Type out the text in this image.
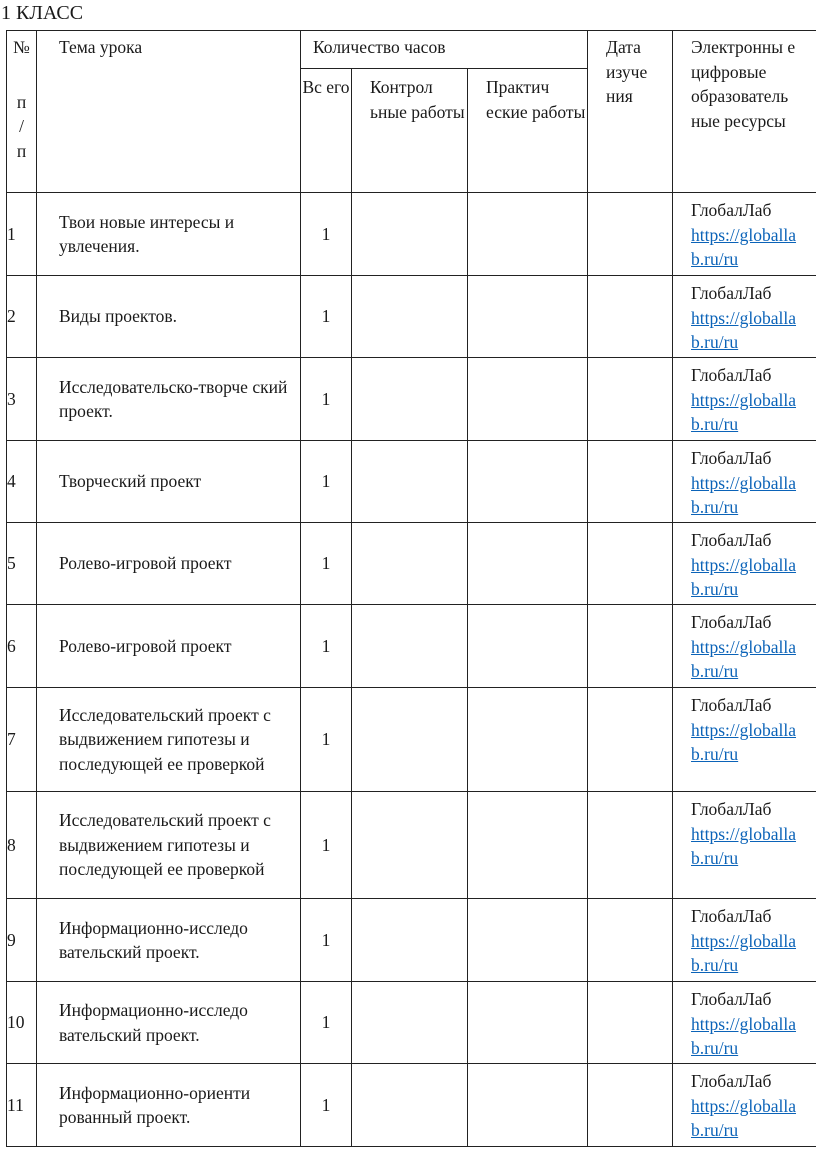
1 КЛАСС
№
п
/
п	Тема урока	Количество часов			Дата изуче ния	Электронны е цифровые образователь ные ресурсы
		Вс его	Контрол ьные работы	Практич еские работы		
1	Твои новые интересы и увлечения.	1				ГлобалЛаб
https://globalla
b.ru/ru

2	Виды проектов.	1				ГлобалЛаб
https://globalla
b.ru/ru

3	Исследовательско-творче ский проект.	1				ГлобалЛаб
https://globalla
b.ru/ru

4	Творческий проект	1				ГлобалЛаб
https://globalla
b.ru/ru

5	Ролево-игровой проект	1				ГлобалЛаб
https://globalla
b.ru/ru

6	Ролево-игровой проект	1				ГлобалЛаб
https://globalla
b.ru/ru

7	Исследовательский проект с выдвижением гипотезы и последующей ее проверкой	1				ГлобалЛаб
https://globalla
b.ru/ru

8	Исследовательский проект с выдвижением гипотезы и последующей ее проверкой	1				ГлобалЛаб
https://globalla
b.ru/ru

9	Информационно-исследо вательский проект.	1				ГлобалЛаб
https://globalla
b.ru/ru

10	Информационно-исследо вательский проект.	1				ГлобалЛаб
https://globalla
b.ru/ru

11	Информационно-ориенти рованный проект.	1				ГлобалЛаб
https://globalla
b.ru/ru
